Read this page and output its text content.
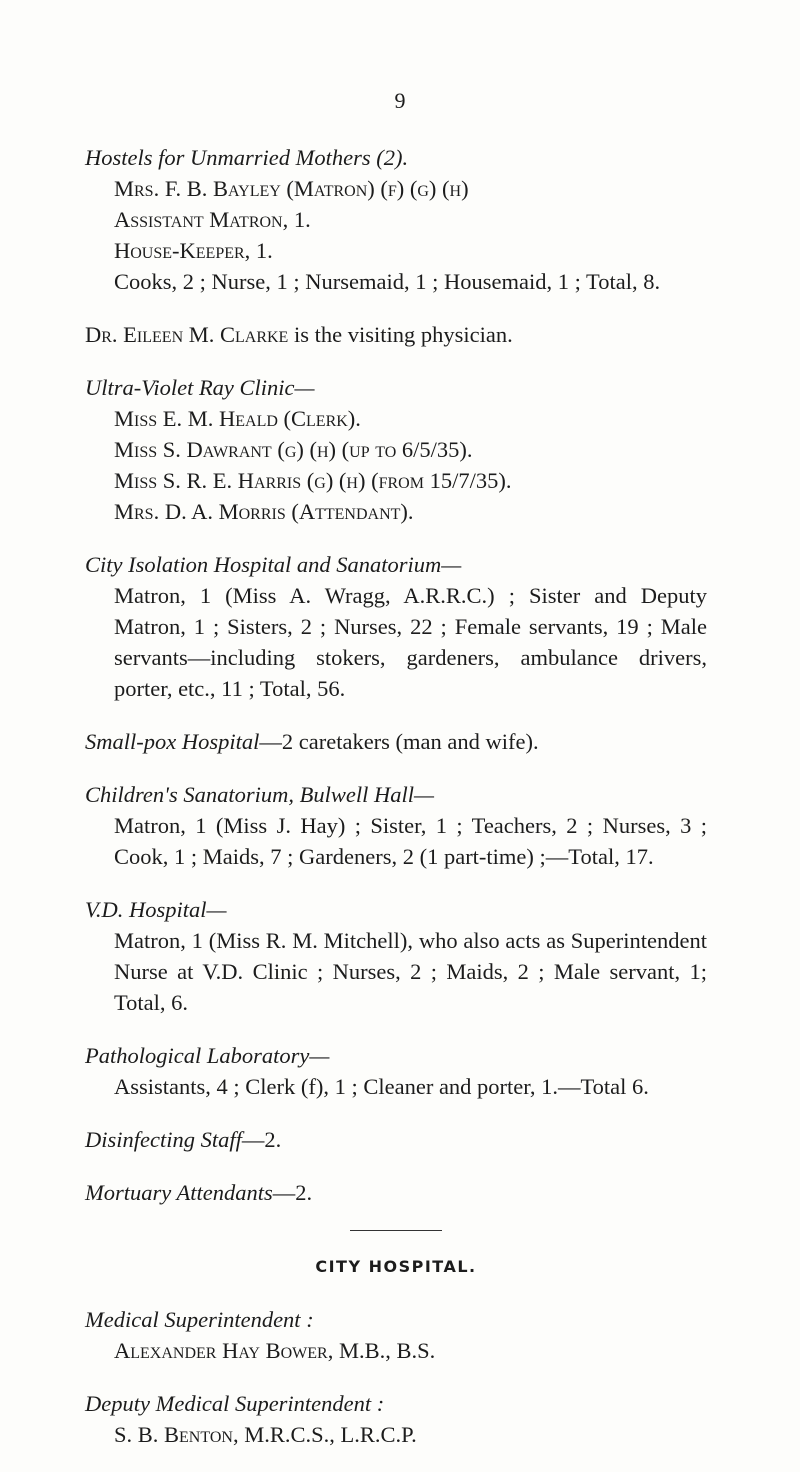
9
Hostels for Unmarried Mothers (2).
Mrs. F. B. Bayley (Matron) (f) (g) (h)
Assistant Matron, 1.
House-Keeper, 1.
Cooks, 2 ; Nurse, 1 ; Nursemaid, 1 ; Housemaid, 1 ; Total, 8.
Dr. Eileen M. Clarke is the visiting physician.
Ultra-Violet Ray Clinic—
Miss E. M. Heald (Clerk).
Miss S. Dawrant (g) (h) (up to 6/5/35).
Miss S. R. E. Harris (g) (h) (from 15/7/35).
Mrs. D. A. Morris (Attendant).
City Isolation Hospital and Sanatorium—
Matron, 1 (Miss A. Wragg, A.R.R.C.) ; Sister and Deputy Matron, 1 ; Sisters, 2 ; Nurses, 22 ; Female servants, 19 ; Male servants—including stokers, gardeners, ambulance drivers, porter, etc., 11 ; Total, 56.
Small-pox Hospital—2 caretakers (man and wife).
Children's Sanatorium, Bulwell Hall—
Matron, 1 (Miss J. Hay) ; Sister, 1 ; Teachers, 2 ; Nurses, 3 ; Cook, 1 ; Maids, 7 ; Gardeners, 2 (1 part-time) ;—Total, 17.
V.D. Hospital—
Matron, 1 (Miss R. M. Mitchell), who also acts as Superintendent Nurse at V.D. Clinic ; Nurses, 2 ; Maids, 2 ; Male servant, 1; Total, 6.
Pathological Laboratory—
Assistants, 4 ; Clerk (f), 1 ; Cleaner and porter, 1.—Total 6.
Disinfecting Staff—2.
Mortuary Attendants—2.
CITY HOSPITAL.
Medical Superintendent :
Alexander Hay Bower, M.B., B.S.
Deputy Medical Superintendent :
S. B. Benton, M.R.C.S., L.R.C.P.
